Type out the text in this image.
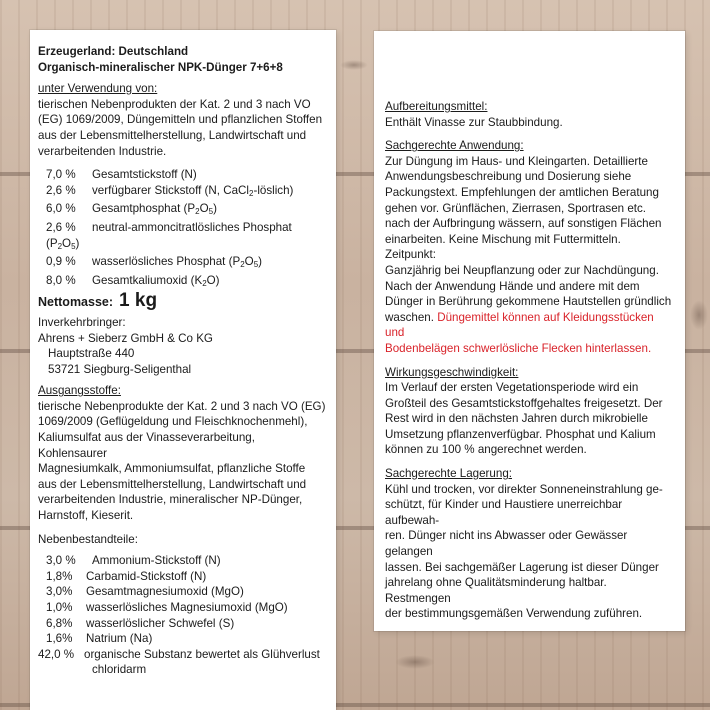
Erzeugerland: Deutschland

Organisch-mineralischer NPK-Dünger 7+6+8

unter Verwendung von:

tierischen Nebenprodukten der Kat. 2 und 3 nach VO

(EG) 1069/2009, Düngemitteln und pflanzlichen Stoffen

aus der Lebensmittelherstellung, Landwirtschaft und

verarbeitenden Industrie.

7,0 % Gesamtstickstoff (N)
2,6 % verfügbarer Stickstoff (N, CaCl$_2$-löslich)
6,0 % Gesamtphosphat $(P_2O_5)$
2,6 % neutral-ammoncitratlösliches Phosphat $(P_2O_5)$
0,9 % wasserlösliches Phosphat $(P_2O_5)$
8,0 % Gesamtkaliumoxid $(K_2O)$
Nettomasse: 1 kg

Inverkehrbringer:

Ahrens + Sieberz GmbH & Co KG

Hauptstraße 440

53721 Siegburg-Seligenthal

Ausgangsstoffe:

tierische Nebenprodukte der Kat. 2 und 3 nach VO (EG)

1069/2009 (Geflügeldung und Fleischknochenmehl),

Kaliumsulfat aus der Vinasseverarbeitung, Kohlensaurer

Magnesiumkalk, Ammoniumsulfat, pflanzliche Stoffe

aus der Lebensmittelherstellung, Landwirtschaft und

verarbeitenden Industrie, mineralischer NP-Dünger,

Harnstoff, Kieserit.

Nebenbestandteile:

3,0 % Ammonium-Stickstoff (N)
1,8% Carbamid-Stickstoff (N)
3,0% Gesamtmagnesiumoxid (MgO)
1,0% wasserlösliches Magnesiumoxid (MgO)
6,8% wasserlöslicher Schwefel (S)
1,6% Natrium (Na)
42,0 % organische Substanz bewertet als Glühverlust
chloridarm

Aufbereitungsmittel:

Enthält Vinasse zur Staubbindung.

Sachgerechte Anwendung:

Zur Düngung im Haus- und Kleingarten. Detaillierte

Anwendungsbeschreibung und Dosierung siehe

Packungstext. Empfehlungen der amtlichen Beratung

gehen vor. Grünflächen, Zierrasen, Sportrasen etc.

nach der Aufbringung wässern, auf sonstigen Flächen

einarbeiten. Keine Mischung mit Futtermitteln. Zeitpunkt:

Ganzjährig bei Neupflanzung oder zur Nachdüngung.

Nach der Anwendung Hände und andere mit dem

Dünger in Berührung gekommene Hautstellen gründlich

waschen. Düngemittel können auf Kleidungsstücken und

Bodenbelägen schwerlösliche Flecken hinterlassen.

Wirkungsgeschwindigkeit:

Im Verlauf der ersten Vegetationsperiode wird ein

Großteil des Gesamtstickstoffgehaltes freigesetzt. Der

Rest wird in den nächsten Jahren durch mikrobielle

Umsetzung pflanzenverfügbar. Phosphat und Kalium

können zu 100 % angerechnet werden.

Sachgerechte Lagerung:

Kühl und trocken, vor direkter Sonneneinstrahlung ge-

schützt, für Kinder und Haustiere unerreichbar aufbewah-

ren. Dünger nicht ins Abwasser oder Gewässer gelangen

lassen. Bei sachgemäßer Lagerung ist dieser Dünger

jahrelang ohne Qualitätsminderung haltbar. Restmengen

der bestimmungsgemäßen Verwendung zuführen.
